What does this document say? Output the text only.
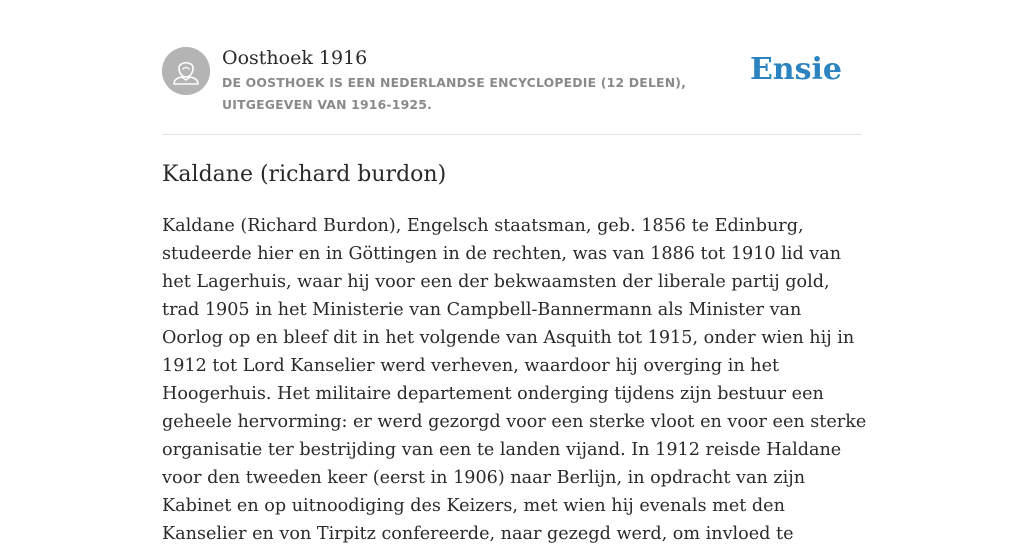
Oosthoek 1916
DE OOSTHOEK IS EEN NEDERLANDSE ENCYCLOPEDIE (12 DELEN), UITGEGEVEN VAN 1916-1925.
Ensie
Kaldane (richard burdon)

Kaldane (Richard Burdon), Engelsch staatsman, geb. 1856 te Edinburg, studeerde hier en in Göttingen in de rechten, was van 1886 tot 1910 lid van het Lagerhuis, waar hij voor een der bekwaamsten der liberale partij gold, trad 1905 in het Ministerie van Campbell-Bannermann als Minister van Oorlog op en bleef dit in het volgende van Asquith tot 1915, onder wien hij in 1912 tot Lord Kanselier werd verheven, waardoor hij overging in het Hoogerhuis. Het militaire departement onderging tijdens zijn bestuur een geheele hervorming: er werd gezorgd voor een sterke vloot en voor een sterke organisatie ter bestrijding van een te landen vijand. In 1912 reisde Haldane voor den tweeden keer (eerst in 1906) naar Berlijn, in opdracht van zijn Kabinet en op uitnoodiging des Keizers, met wien hij evenals met den Kanselier en von Tirpitz confereerde, naar gezegd werd, om invloed te
